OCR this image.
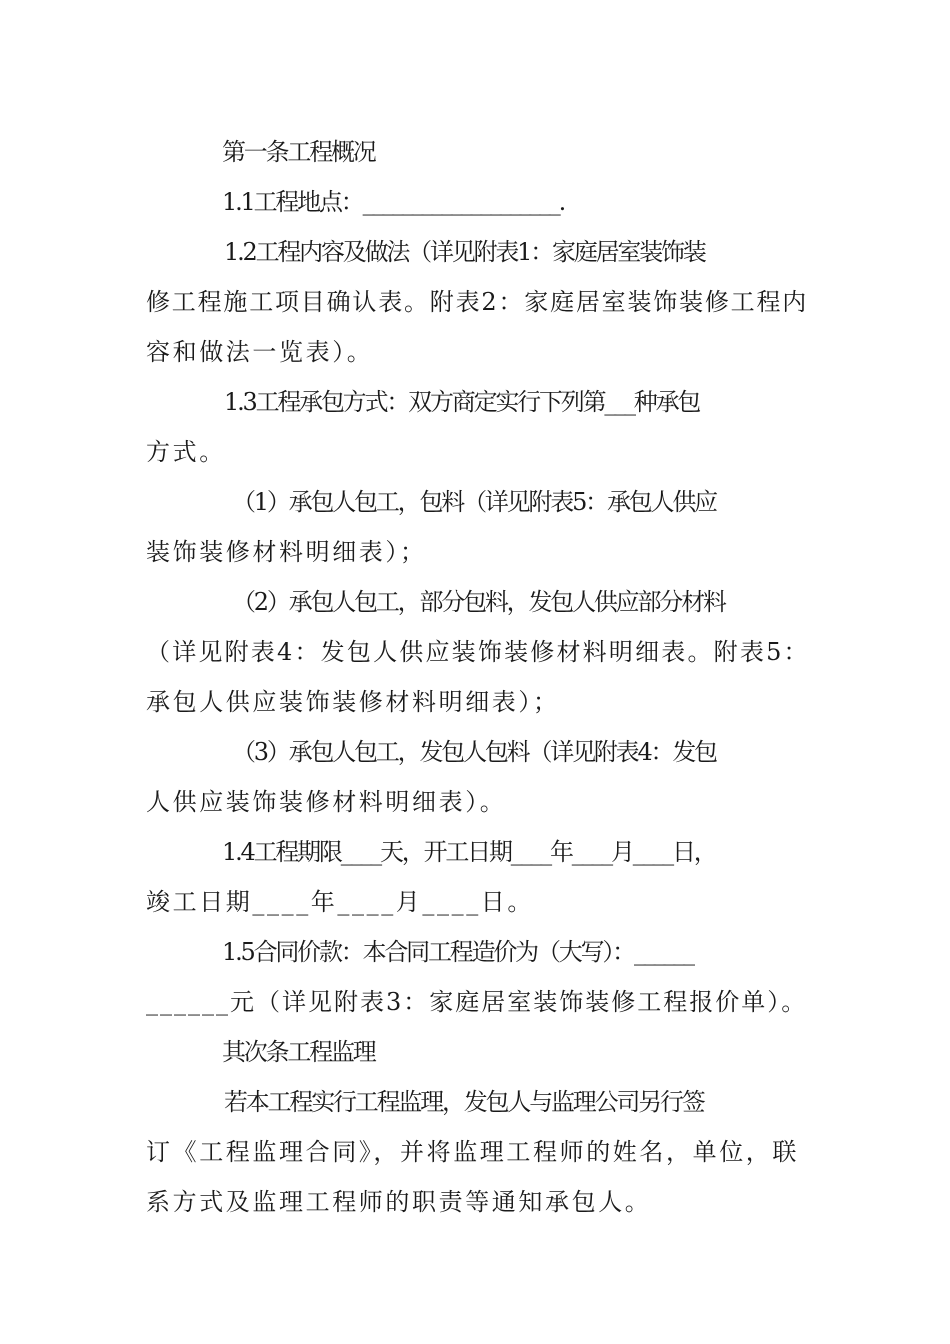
第一条工程概况
1.1工程地点：____________________.
1.2工程内容及做法（详见附表1：家庭居室装饰装
修工程施工项目确认表。附表2：家庭居室装饰装修工程内
容和做法一览表）。
1.3工程承包方式：双方商定实行下列第___种承包
方式。
（1）承包人包工，包料（详见附表5：承包人供应
装饰装修材料明细表）；
（2）承包人包工，部分包料，发包人供应部分材料
（详见附表4：发包人供应装饰装修材料明细表。附表5：
承包人供应装饰装修材料明细表）；
（3）承包人包工，发包人包料（详见附表4：发包
人供应装饰装修材料明细表）。
1.4工程期限____天，开工日期____年____月____日，
竣工日期____年____月____日。
1.5合同价款：本合同工程造价为（大写）：______
______元（详见附表3：家庭居室装饰装修工程报价单）。
其次条工程监理
若本工程实行工程监理，发包人与监理公司另行签
订《工程监理合同》，并将监理工程师的姓名，单位，联
系方式及监理工程师的职责等通知承包人。
